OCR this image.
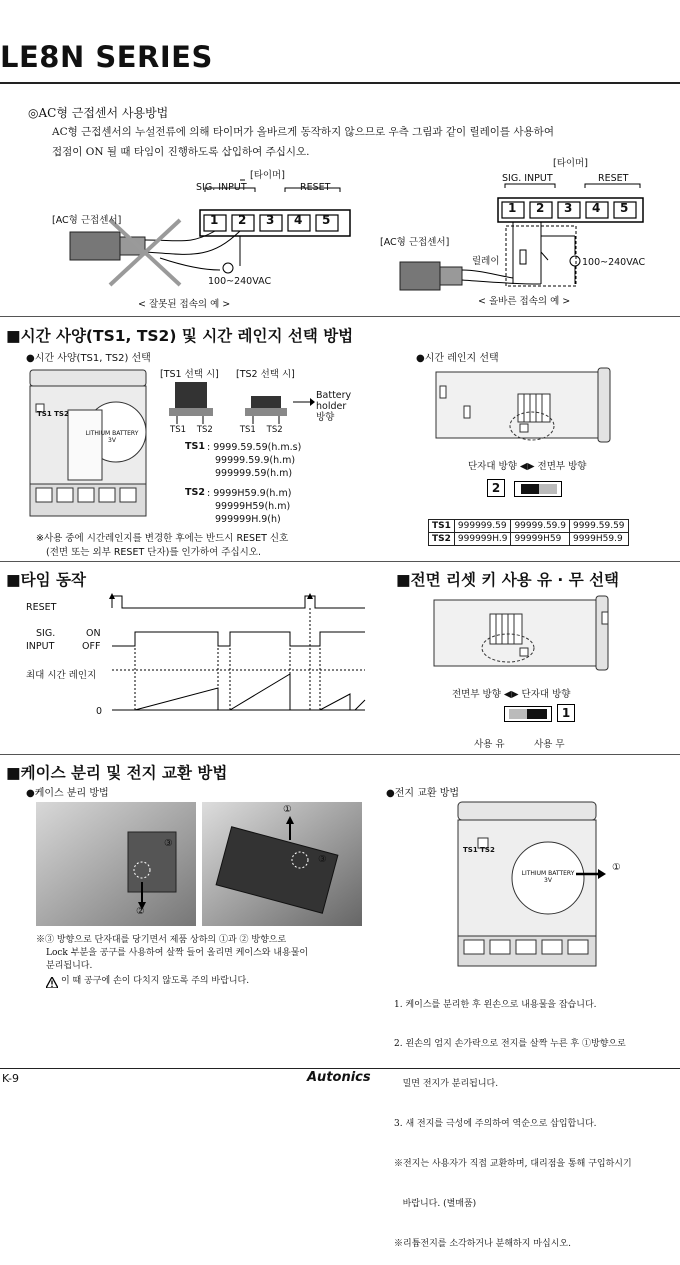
LE8N SERIES
◎AC형 근접센서 사용방법
AC형 근접센서의 누설전류에 의해 타이머가 올바르게 동작하지 않으므로 우측 그림과 같이 릴레이를 사용하여
접점이 ON 될 때 타임이 진행하도록 삽입하여 주십시오.
[타이머]
SIG. INPUT	RESET
[AC형 근접센서]	1 2 3 4 5
100~240VAC
< 잘못된 접속의 예 >
[타이머]
SIG. INPUT	RESET
1 2 3 4 5
[AC형 근접센서]
릴레이	100~240VAC
< 올바른 접속의 예 >
■시간 사양(TS1, TS2) 및 시간 레인지 선택 방법
●시간 사양(TS1, TS2) 선택	●시간 레인지 선택
TS1 TS2
LITHIUM BATTERY
3V
[TS1 선택 시] [TS2 선택 시]
Battery
holder
방향
TS1 TS2	TS1 TS2
TS1 : 9999.59.59(h.m.s)
99999.59.9(h.m)
999999.59(h.m)
TS2 : 9999H59.9(h.m)
99999H59(h.m)
999999H.9(h)
※사용 중에 시간레인지를 변경한 후에는 반드시 RESET 신호
(전면 또는 외부 RESET 단자)를 인가하여 주십시오.
단자대 방향 ◀▶ 전면부 방향
2
TS1	999999.59	99999.59.9	9999.59.59
TS2	999999H.9	99999H59	9999H59.9
■타임 동작
RESET
SIG.
INPUT
ON
OFF
최대 시간 레인지
0
■전면 리셋 키 사용 유 · 무 선택
전면부 방향 ◀▶ 단자대 방향
1
사용 유	사용 무
■케이스 분리 및 전지 교환 방법
●케이스 분리 방법	●전지 교환 방법
③
②
①
③
※③ 방향으로 단자대를 당기면서 제품 상하의 ①과 ② 방향으로
Lock 부분을 공구를 사용하여 살짝 들어 올리면 케이스와 내용물이
분리됩니다.
이 때 공구에 손이 다치지 않도록 주의 바랍니다.
TS1 TS2
LITHIUM BATTERY
3V
①

1. 케이스를 분리한 후 왼손으로 내용물을 잡습니다.

2. 왼손의 엄지 손가락으로 전지를 살짝 누른 후 ①방향으로

밀면 전지가 분리됩니다.

3. 새 전지를 극성에 주의하여 역순으로 삽입합니다.

※전지는 사용자가 직접 교환하며, 대리점을 통해 구입하시기

바랍니다. (별매품)

※리튬전지를 소각하거나 분해하지 마십시오.

K-9	Autonics
